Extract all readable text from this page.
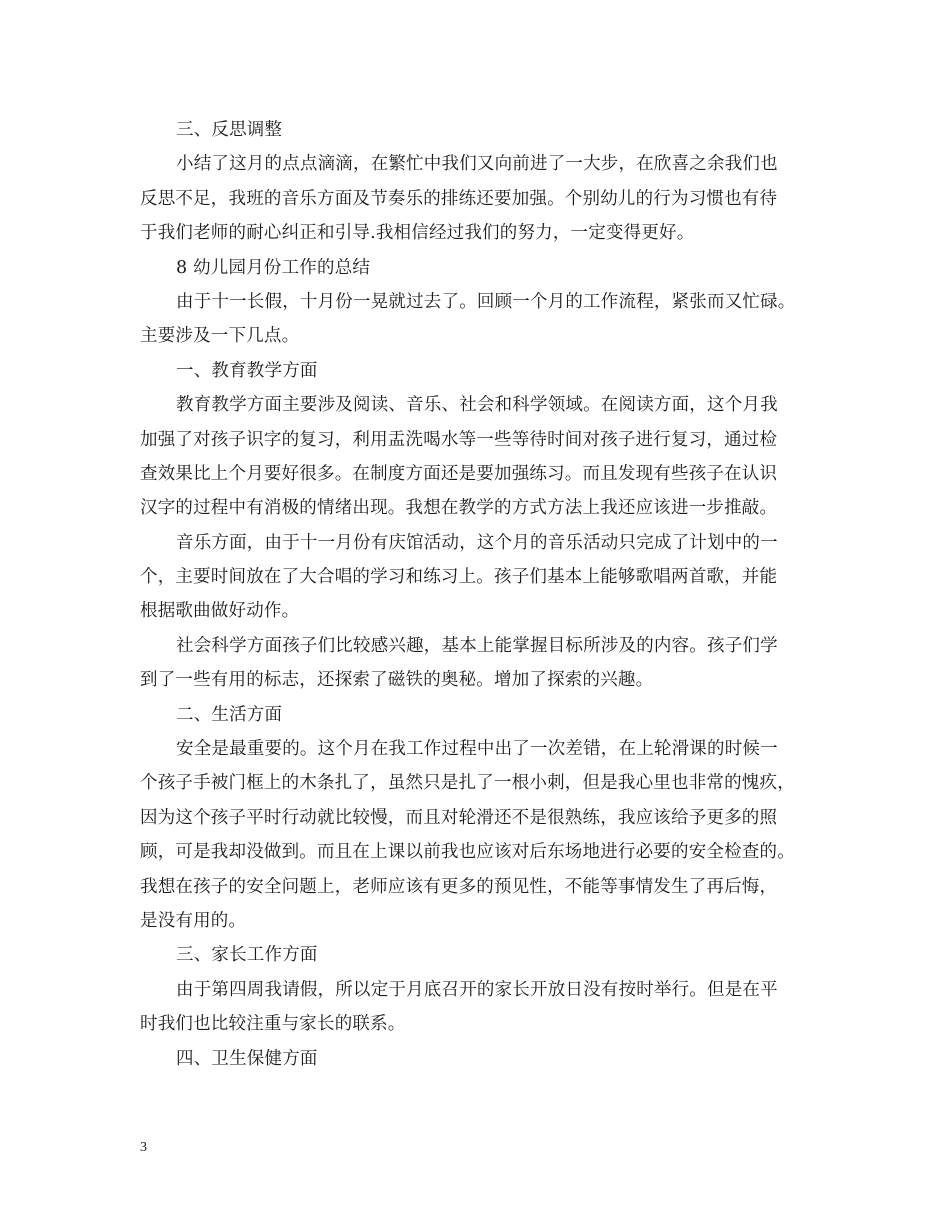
三、反思调整
小结了这月的点点滴滴，在繁忙中我们又向前进了一大步，在欣喜之余我们也
反思不足，我班的音乐方面及节奏乐的排练还要加强。个别幼儿的行为习惯也有待
于我们老师的耐心纠正和引导.我相信经过我们的努力，一定变得更好。
8 幼儿园月份工作的总结
由于十一长假，十月份一晃就过去了。回顾一个月的工作流程，紧张而又忙碌。
主要涉及一下几点。
一、教育教学方面
教育教学方面主要涉及阅读、音乐、社会和科学领域。在阅读方面，这个月我
加强了对孩子识字的复习，利用盂洗喝水等一些等待时间对孩子进行复习，通过检
查效果比上个月要好很多。在制度方面还是要加强练习。而且发现有些孩子在认识
汉字的过程中有消极的情绪出现。我想在教学的方式方法上我还应该进一步推敲。
音乐方面，由于十一月份有庆馆活动，这个月的音乐活动只完成了计划中的一
个，主要时间放在了大合唱的学习和练习上。孩子们基本上能够歌唱两首歌，并能
根据歌曲做好动作。
社会科学方面孩子们比较感兴趣，基本上能掌握目标所涉及的内容。孩子们学
到了一些有用的标志，还探索了磁铁的奥秘。增加了探索的兴趣。
二、生活方面
安全是最重要的。这个月在我工作过程中出了一次差错，在上轮滑课的时候一
个孩子手被门框上的木条扎了，虽然只是扎了一根小刺，但是我心里也非常的愧疚，
因为这个孩子平时行动就比较慢，而且对轮滑还不是很熟练，我应该给予更多的照
顾，可是我却没做到。而且在上课以前我也应该对后东场地进行必要的安全检查的。
我想在孩子的安全问题上，老师应该有更多的预见性，不能等事情发生了再后悔，
是没有用的。
三、家长工作方面
由于第四周我请假，所以定于月底召开的家长开放日没有按时举行。但是在平
时我们也比较注重与家长的联系。
四、卫生保健方面
3
